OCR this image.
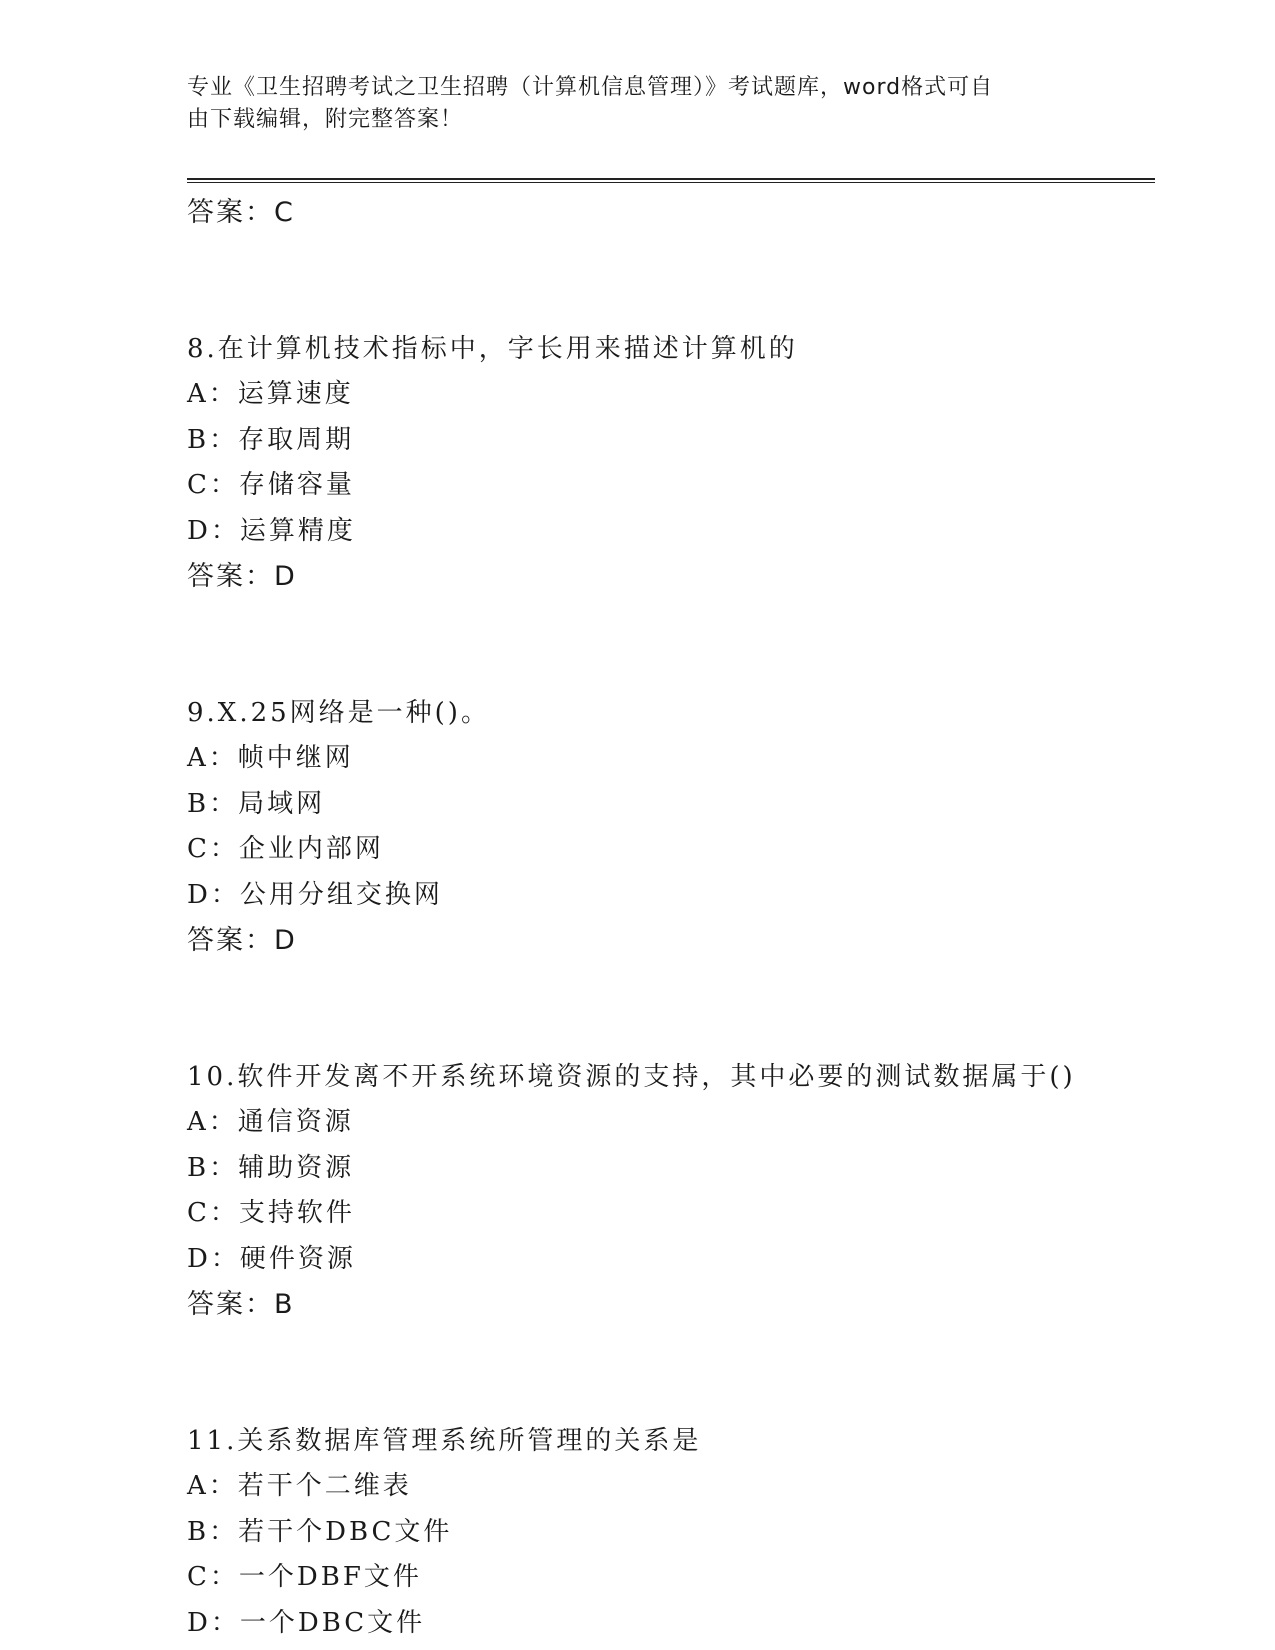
专业《卫生招聘考试之卫生招聘（计算机信息管理）》考试题库，word格式可自
由下载编辑，附完整答案！
答案：C
8.在计算机技术指标中，字长用来描述计算机的
A：运算速度
B：存取周期
C：存储容量
D：运算精度
答案：D
9.X.25网络是一种()。
A：帧中继网
B：局域网
C：企业内部网
D：公用分组交换网
答案：D
10.软件开发离不开系统环境资源的支持，其中必要的测试数据属于()
A：通信资源
B：辅助资源
C：支持软件
D：硬件资源
答案：B
11.关系数据库管理系统所管理的关系是
A：若干个二维表
B：若干个DBC文件
C：一个DBF文件
D：一个DBC文件
